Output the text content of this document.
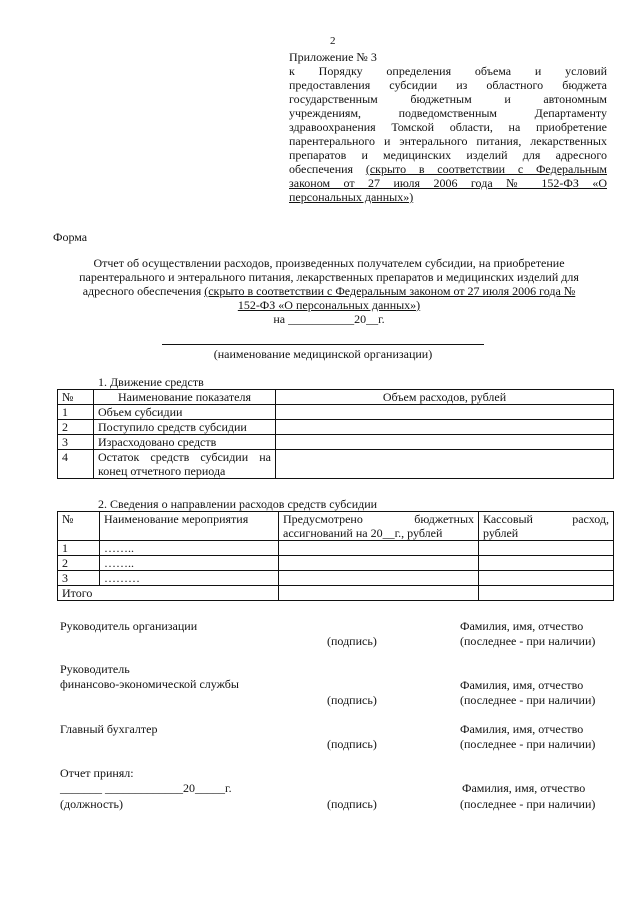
2

Приложение № 3

к Порядку определения объема и условий

предоставления субсидии из областного бюджета

государственным бюджетным и автономным

учреждениям, подведомственным Департаменту

здравоохранения Томской области, на приобретение

парентерального и энтерального питания, лекарственных

препаратов и медицинских изделий для адресного

обеспечения (скрыто в соответствии с Федеральным

законом от 27 июля 2006 года № 152-ФЗ «О

персональных данных»)

Форма

Отчет об осуществлении расходов, произведенных получателем субсидии, на приобретение

парентерального и энтерального питания, лекарственных препаратов и медицинских изделий для

адресного обеспечения (скрыто в соответствии с Федеральным законом от 27 июля 2006 года №

152-ФЗ «О персональных данных»)

на ___________20__г.

(наименование медицинской организации)
1. Движение средств
№	Наименование показателя	Объем расходов, рублей
1	Объем субсидии	
2	Поступило средств субсидии	
3	Израсходовано средств	
4	Остаток средств субсидии на конец отчетного периода	
2. Сведения о направлении расходов средств субсидии
№	Наименование мероприятия	Предусмотрено бюджетных ассигнований на 20__г., рублей	Кассовый расход, рублей
1	……..		
2	……..		
3	………		
Итого			
Руководитель организации	Фамилия, имя, отчество
(подпись)	(последнее - при наличии)
Руководитель
финансово-экономической службы	Фамилия, имя, отчество
(подпись)	(последнее - при наличии)
Главный бухгалтер	Фамилия, имя, отчество
(подпись)	(последнее - при наличии)
Отчет принял:
_______ _____________20_____г.	Фамилия, имя, отчество
(должность)	(подпись)	(последнее - при наличии)
